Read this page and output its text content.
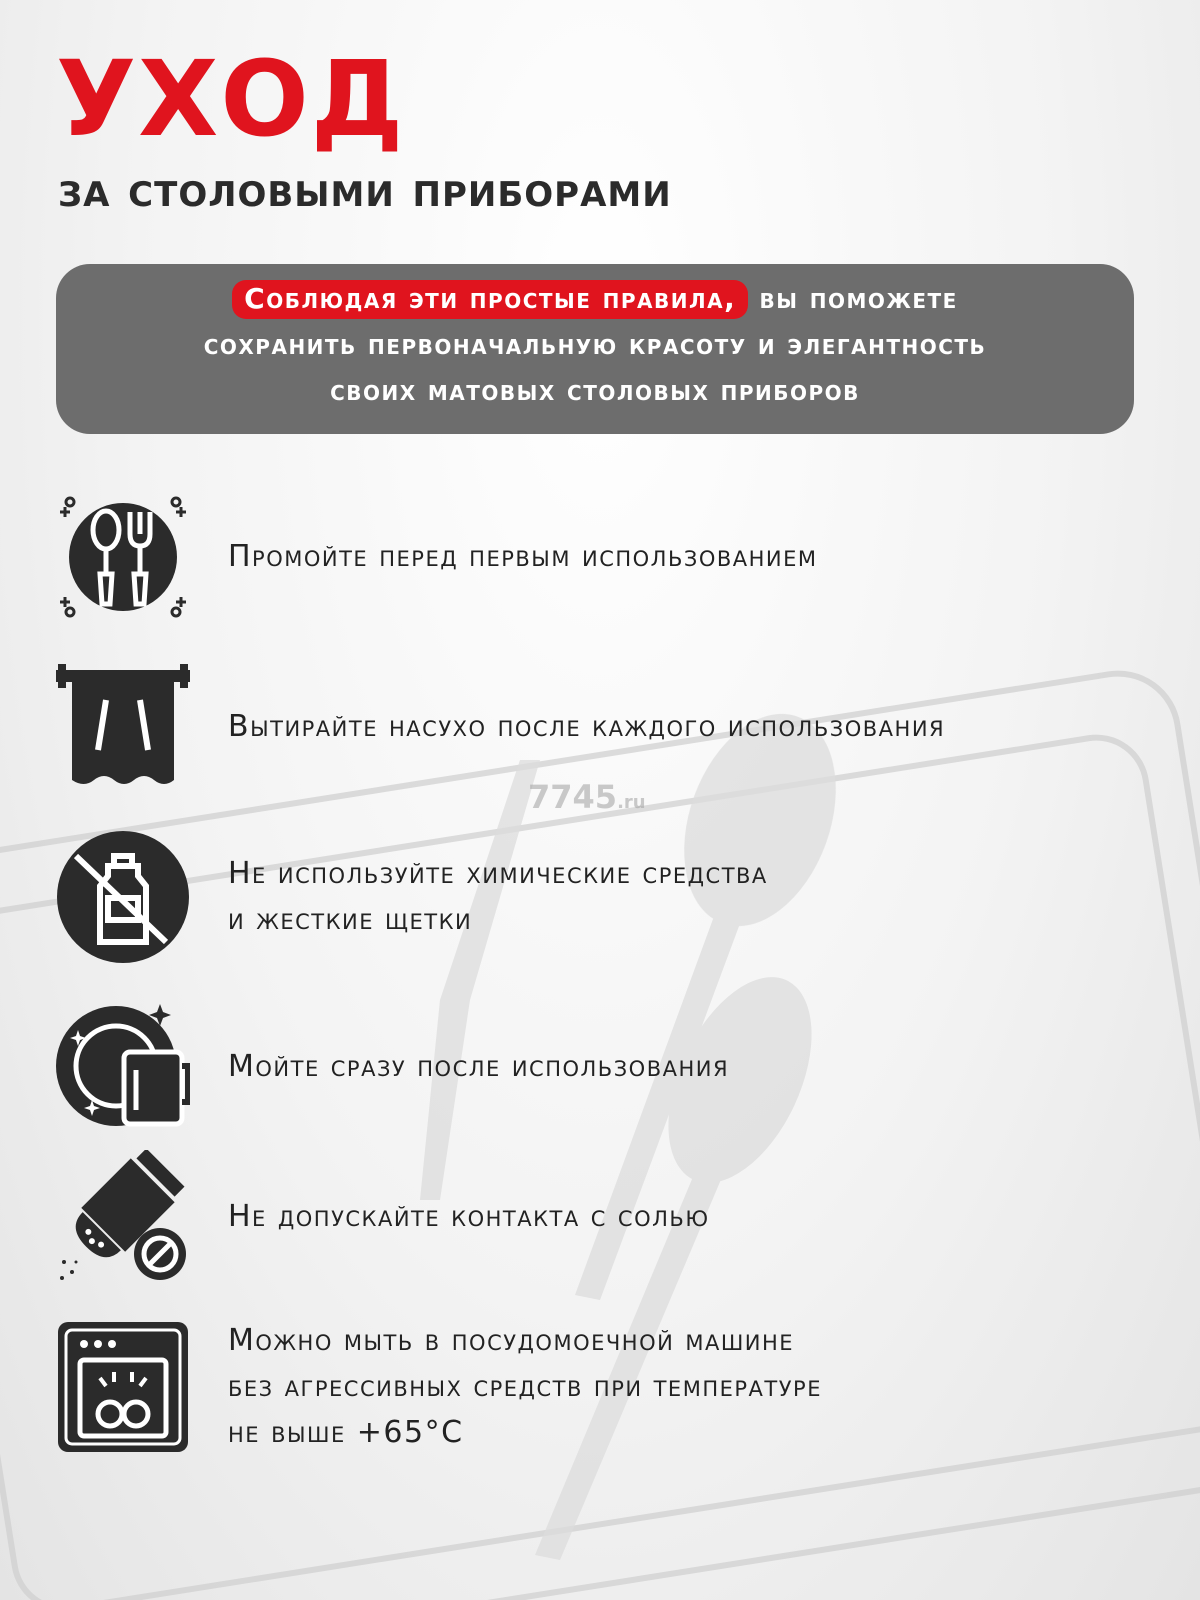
УХОД
за столовыми приборами
Соблюдая эти простые правила, вы поможете
сохранить первоначальную красоту и элегантность
своих матовых столовых приборов
7745.ru
Промойте перед первым использованием
Вытирайте насухо после каждого использования
Не используйте химические средства
и жесткие щетки
Мойте сразу после использования
Не допускайте контакта с солью
Можно мыть в посудомоечной машине
без агрессивных средств при температуре
не выше +65°С
